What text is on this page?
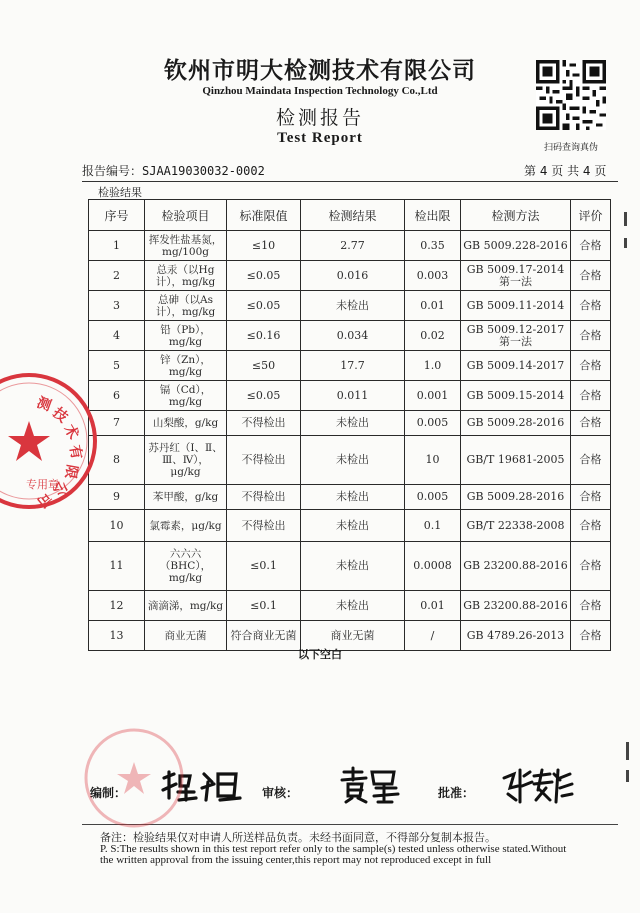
钦州市明大检测技术有限公司
Qinzhou Maindata Inspection Technology Co.,Ltd
检测报告
Test Report
扫码查询真伪
报告编号：SJAA19030032-0002	第 4 页 共 4 页
检验结果
序号	检验项目	标准限值	检测结果	检出限	检测方法	评价
1	挥发性盐基氮，mg/100g	≤10	2.77	0.35	GB 5009.228-2016	合格
2	总汞（以Hg计），mg/kg	≤0.05	0.016	0.003	GB 5009.17-2014 第一法	合格
3	总砷（以As计），mg/kg	≤0.05	未检出	0.01	GB 5009.11-2014	合格
4	铅（Pb），mg/kg	≤0.16	0.034	0.02	GB 5009.12-2017 第一法	合格
5	锌（Zn），mg/kg	≤50	17.7	1.0	GB 5009.14-2017	合格
6	镉（Cd），mg/kg	≤0.05	0.011	0.001	GB 5009.15-2014	合格
7	山梨酸，g/kg	不得检出	未检出	0.005	GB 5009.28-2016	合格
8	苏丹红（Ⅰ、Ⅱ、Ⅲ、Ⅳ），μg/kg	不得检出	未检出	10	GB/T 19681-2005	合格
9	苯甲酸，g/kg	不得检出	未检出	0.005	GB 5009.28-2016	合格
10	氯霉素，μg/kg	不得检出	未检出	0.1	GB/T 22338-2008	合格
11	六六六（BHC），mg/kg	≤0.1	未检出	0.0008	GB 23200.88-2016	合格
12	滴滴涕，mg/kg	≤0.1	未检出	0.01	GB 23200.88-2016	合格
13	商业无菌	符合商业无菌	商业无菌	/	GB 4789.26-2013	合格
以下空白
编制：	审核：	批准：
备注：检验结果仅对申请人所送样品负责。未经书面同意，不得部分复制本报告。
P. S:The results shown in this test report refer only to the sample(s) tested unless otherwise stated.Without the written approval from the issuing center,this report may not reproduced except in full
测
技
术
有
限
公
司
专用章
